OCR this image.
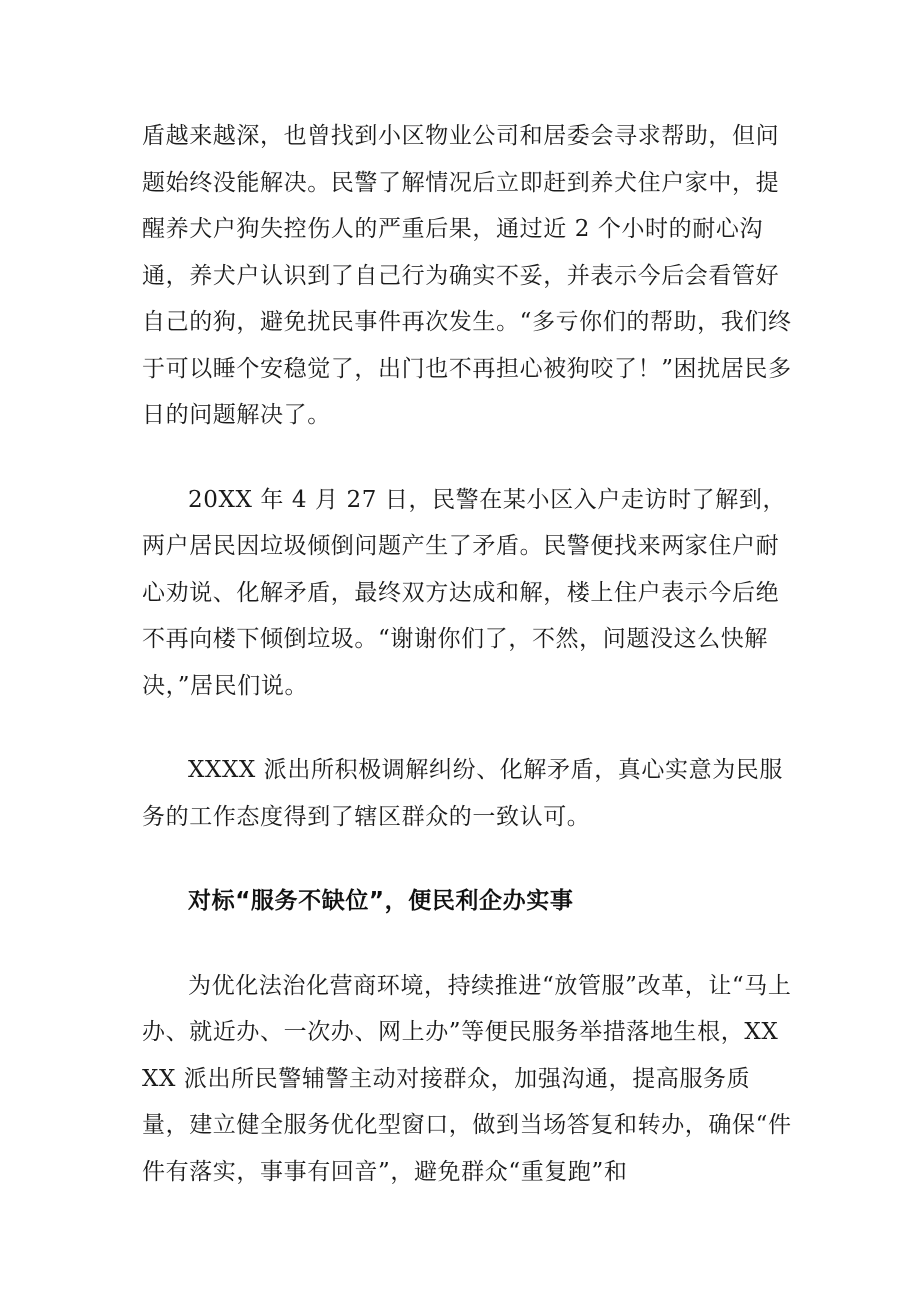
盾越来越深，也曾找到小区物业公司和居委会寻求帮助，但问题始终没能解决。民警了解情况后立即赶到养犬住户家中，提醒养犬户狗失控伤人的严重后果，通过近 2 个小时的耐心沟通，养犬户认识到了自己行为确实不妥，并表示今后会看管好自己的狗，避免扰民事件再次发生。“多亏你们的帮助，我们终于可以睡个安稳觉了，出门也不再担心被狗咬了！”困扰居民多日的问题解决了。

20XX 年 4 月 27 日，民警在某小区入户走访时了解到，两户居民因垃圾倾倒问题产生了矛盾。民警便找来两家住户耐心劝说、化解矛盾，最终双方达成和解，楼上住户表示今后绝不再向楼下倾倒垃圾。“谢谢你们了，不然，问题没这么快解决，”居民们说。

XXXX 派出所积极调解纠纷、化解矛盾，真心实意为民服务的工作态度得到了辖区群众的一致认可。

对标“服务不缺位”，便民利企办实事

为优化法治化营商环境，持续推进“放管服”改革，让“马上办、就近办、一次办、网上办”等便民服务举措落地生根，XXXX 派出所民警辅警主动对接群众，加强沟通，提高服务质量，建立健全服务优化型窗口，做到当场答复和转办，确保“件件有落实，事事有回音”，避免群众“重复跑”和
